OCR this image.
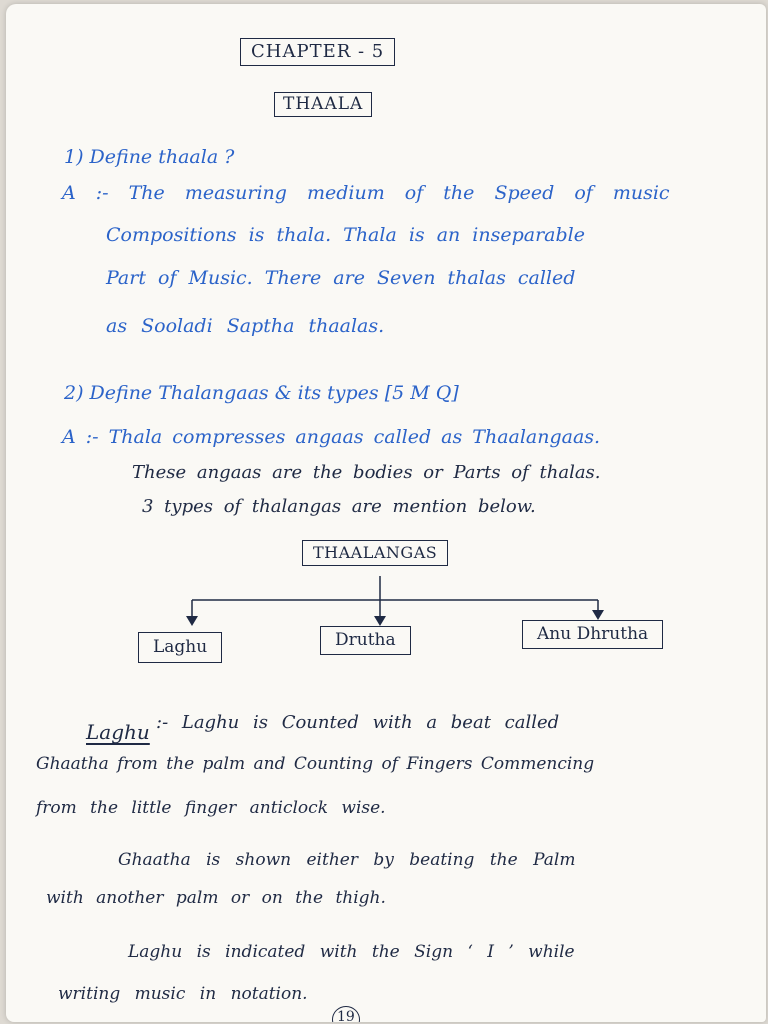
CHAPTER - 5
THAALA
1) Define thaala ?
A :- The measuring medium of the Speed of music
Compositions is thala. Thala is an inseparable
Part of Music. There are Seven thalas called
as Sooladi Saptha thaalas.
2) Define Thalangaas & its types [5 M Q]
A :- Thala compresses angaas called as Thaalangaas.
These angaas are the bodies or Parts of thalas.
3 types of thalangas are mention below.
THAALANGAS
Laghu	Drutha	Anu Dhrutha
Laghu :- Laghu is Counted with a beat called
Ghaatha from the palm and Counting of Fingers Commencing
from the little finger anticlock wise.
Ghaatha is shown either by beating the Palm
with another palm or on the thigh.
Laghu is indicated with the Sign ‘ I ’ while
writing music in notation.
19
